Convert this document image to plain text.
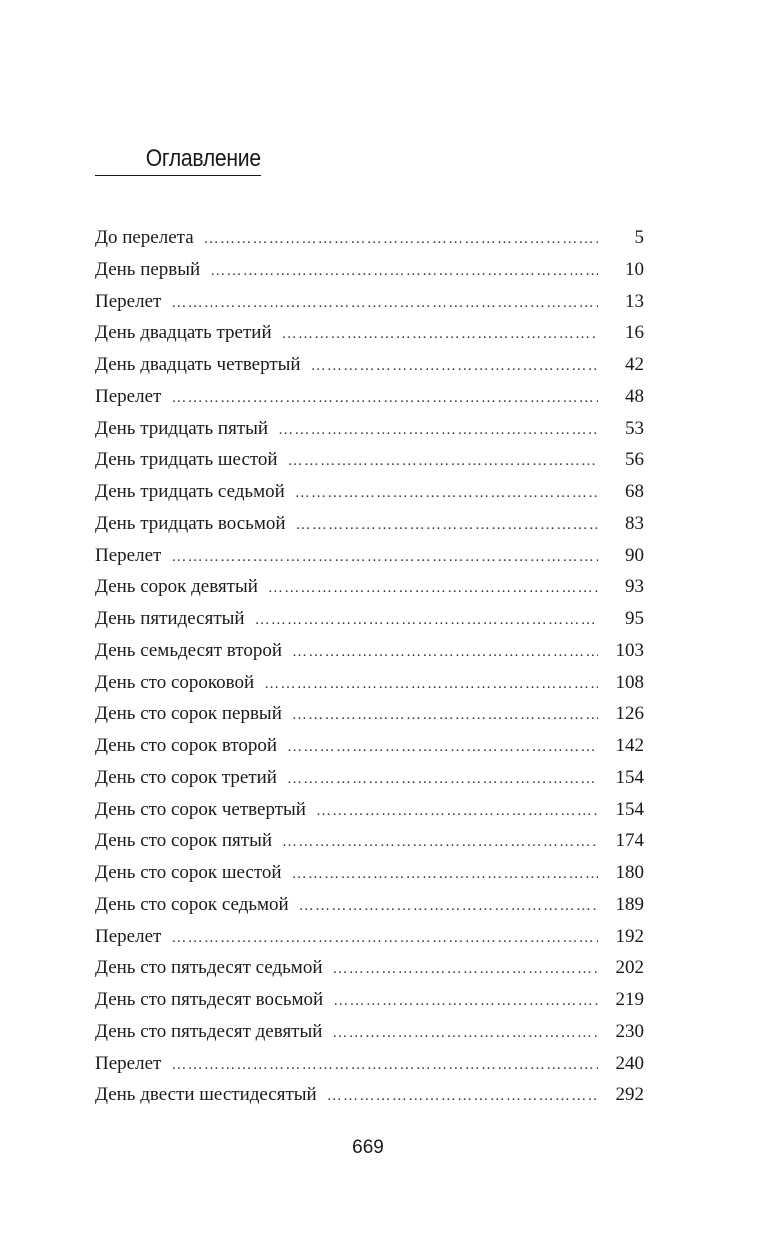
Оглавление
До перелета ………………………………………………………………………………………………………………………………………………	5
День первый ………………………………………………………………………………………………………………………………………………	10
Перелет ………………………………………………………………………………………………………………………………………………	13
День двадцать третий ………………………………………………………………………………………………………………………………………………	16
День двадцать четвертый ………………………………………………………………………………………………………………………………………………	42
Перелет ………………………………………………………………………………………………………………………………………………	48
День тридцать пятый ………………………………………………………………………………………………………………………………………………	53
День тридцать шестой ………………………………………………………………………………………………………………………………………………	56
День тридцать седьмой ………………………………………………………………………………………………………………………………………………	68
День тридцать восьмой ………………………………………………………………………………………………………………………………………………	83
Перелет ………………………………………………………………………………………………………………………………………………	90
День сорок девятый ………………………………………………………………………………………………………………………………………………	93
День пятидесятый ………………………………………………………………………………………………………………………………………………	95
День семьдесят второй ………………………………………………………………………………………………………………………………………………	103
День сто сороковой ………………………………………………………………………………………………………………………………………………	108
День сто сорок первый ………………………………………………………………………………………………………………………………………………	126
День сто сорок второй ………………………………………………………………………………………………………………………………………………	142
День сто сорок третий ………………………………………………………………………………………………………………………………………………	154
День сто сорок четвертый ………………………………………………………………………………………………………………………………………………	154
День сто сорок пятый ………………………………………………………………………………………………………………………………………………	174
День сто сорок шестой ………………………………………………………………………………………………………………………………………………	180
День сто сорок седьмой ………………………………………………………………………………………………………………………………………………	189
Перелет ………………………………………………………………………………………………………………………………………………	192
День сто пятьдесят седьмой ………………………………………………………………………………………………………………………………………………	202
День сто пятьдесят восьмой ………………………………………………………………………………………………………………………………………………	219
День сто пятьдесят девятый ………………………………………………………………………………………………………………………………………………	230
Перелет ………………………………………………………………………………………………………………………………………………	240
День двести шестидесятый ………………………………………………………………………………………………………………………………………………	292
669
